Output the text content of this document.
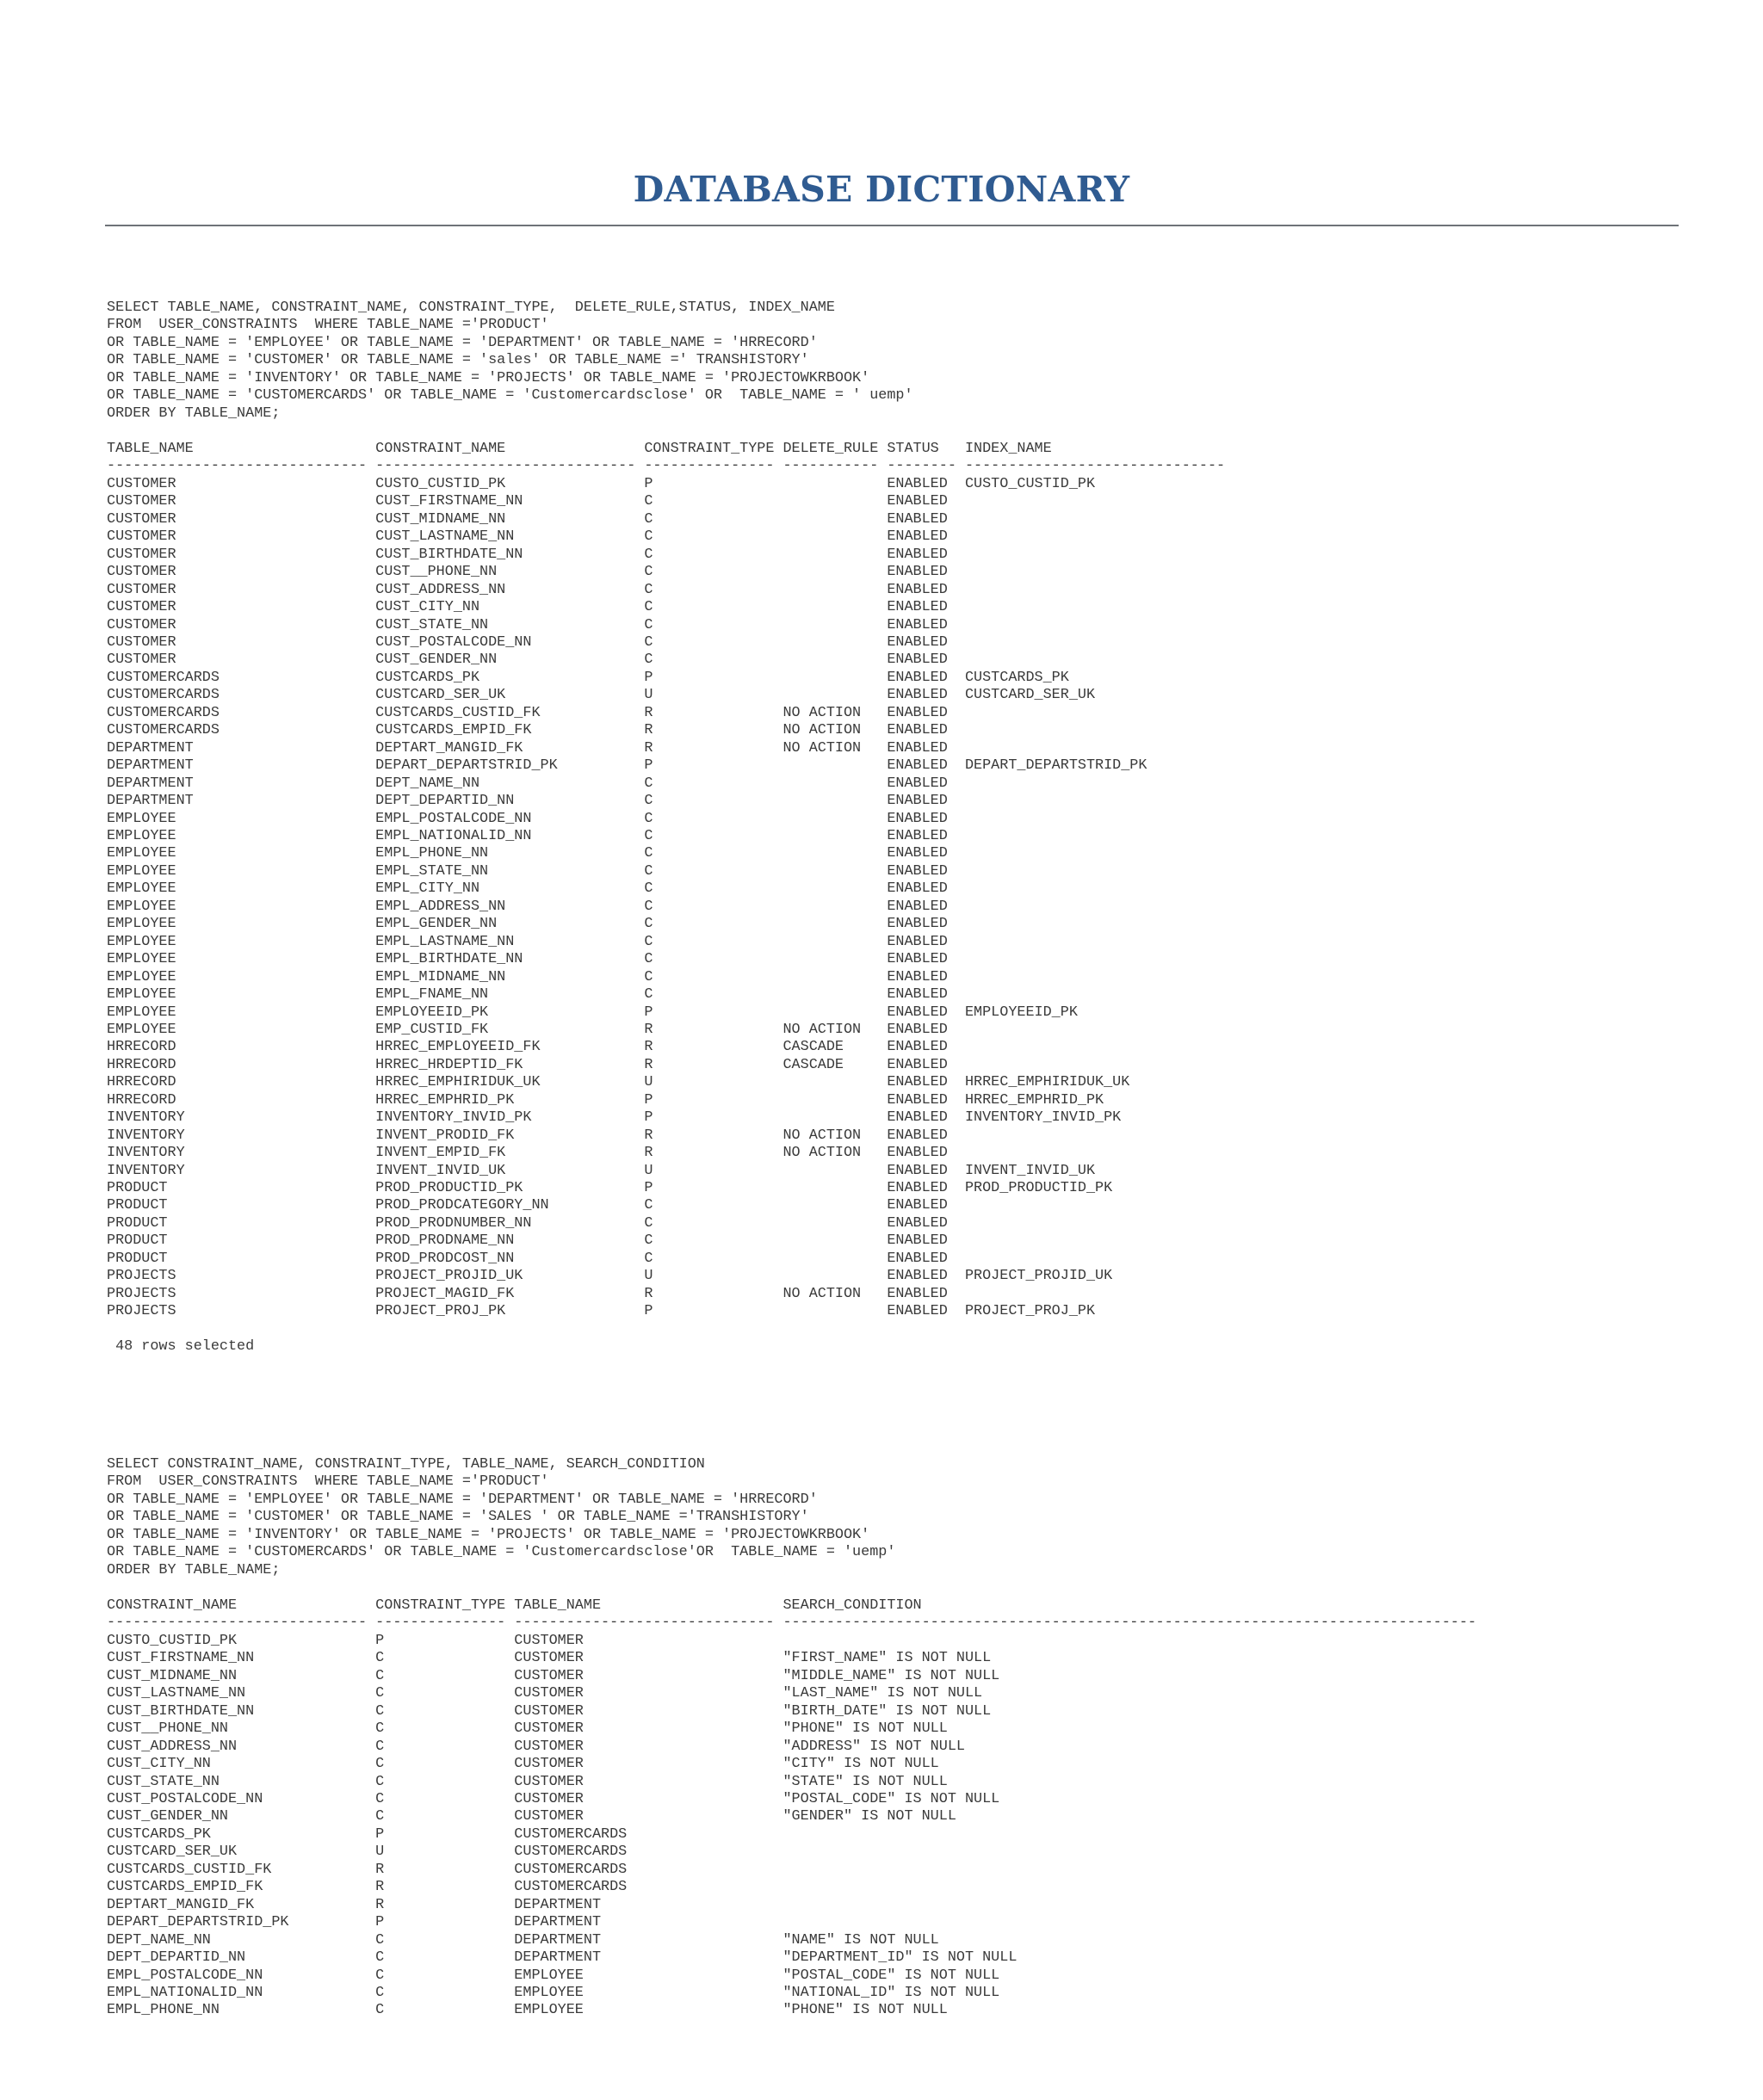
DATABASE DICTIONARY
SELECT TABLE_NAME, CONSTRAINT_NAME, CONSTRAINT_TYPE,  DELETE_RULE,STATUS, INDEX_NAME
FROM  USER_CONSTRAINTS  WHERE TABLE_NAME ='PRODUCT'
OR TABLE_NAME = 'EMPLOYEE' OR TABLE_NAME = 'DEPARTMENT' OR TABLE_NAME = 'HRRECORD'
OR TABLE_NAME = 'CUSTOMER' OR TABLE_NAME = 'sales' OR TABLE_NAME =' TRANSHISTORY'
OR TABLE_NAME = 'INVENTORY' OR TABLE_NAME = 'PROJECTS' OR TABLE_NAME = 'PROJECTOWKRBOOK'
OR TABLE_NAME = 'CUSTOMERCARDS' OR TABLE_NAME = 'Customercardsclose' OR  TABLE_NAME = ' uemp'
ORDER BY TABLE_NAME;
TABLE_NAME                     CONSTRAINT_NAME                CONSTRAINT_TYPE DELETE_RULE STATUS   INDEX_NAME
------------------------------ ------------------------------ --------------- ----------- -------- ------------------------------
CUSTOMER                       CUSTO_CUSTID_PK                P                           ENABLED  CUSTO_CUSTID_PK
CUSTOMER                       CUST_FIRSTNAME_NN              C                           ENABLED
CUSTOMER                       CUST_MIDNAME_NN                C                           ENABLED
CUSTOMER                       CUST_LASTNAME_NN               C                           ENABLED
CUSTOMER                       CUST_BIRTHDATE_NN              C                           ENABLED
CUSTOMER                       CUST__PHONE_NN                 C                           ENABLED
CUSTOMER                       CUST_ADDRESS_NN                C                           ENABLED
CUSTOMER                       CUST_CITY_NN                   C                           ENABLED
CUSTOMER                       CUST_STATE_NN                  C                           ENABLED
CUSTOMER                       CUST_POSTALCODE_NN             C                           ENABLED
CUSTOMER                       CUST_GENDER_NN                 C                           ENABLED
CUSTOMERCARDS                  CUSTCARDS_PK                   P                           ENABLED  CUSTCARDS_PK
CUSTOMERCARDS                  CUSTCARD_SER_UK                U                           ENABLED  CUSTCARD_SER_UK
CUSTOMERCARDS                  CUSTCARDS_CUSTID_FK            R               NO ACTION   ENABLED
CUSTOMERCARDS                  CUSTCARDS_EMPID_FK             R               NO ACTION   ENABLED
DEPARTMENT                     DEPTART_MANGID_FK              R               NO ACTION   ENABLED
DEPARTMENT                     DEPART_DEPARTSTRID_PK          P                           ENABLED  DEPART_DEPARTSTRID_PK
DEPARTMENT                     DEPT_NAME_NN                   C                           ENABLED
DEPARTMENT                     DEPT_DEPARTID_NN               C                           ENABLED
EMPLOYEE                       EMPL_POSTALCODE_NN             C                           ENABLED
EMPLOYEE                       EMPL_NATIONALID_NN             C                           ENABLED
EMPLOYEE                       EMPL_PHONE_NN                  C                           ENABLED
EMPLOYEE                       EMPL_STATE_NN                  C                           ENABLED
EMPLOYEE                       EMPL_CITY_NN                   C                           ENABLED
EMPLOYEE                       EMPL_ADDRESS_NN                C                           ENABLED
EMPLOYEE                       EMPL_GENDER_NN                 C                           ENABLED
EMPLOYEE                       EMPL_LASTNAME_NN               C                           ENABLED
EMPLOYEE                       EMPL_BIRTHDATE_NN              C                           ENABLED
EMPLOYEE                       EMPL_MIDNAME_NN                C                           ENABLED
EMPLOYEE                       EMPL_FNAME_NN                  C                           ENABLED
EMPLOYEE                       EMPLOYEEID_PK                  P                           ENABLED  EMPLOYEEID_PK
EMPLOYEE                       EMP_CUSTID_FK                  R               NO ACTION   ENABLED
HRRECORD                       HRREC_EMPLOYEEID_FK            R               CASCADE     ENABLED
HRRECORD                       HRREC_HRDEPTID_FK              R               CASCADE     ENABLED
HRRECORD                       HRREC_EMPHIRIDUK_UK            U                           ENABLED  HRREC_EMPHIRIDUK_UK
HRRECORD                       HRREC_EMPHRID_PK               P                           ENABLED  HRREC_EMPHRID_PK
INVENTORY                      INVENTORY_INVID_PK             P                           ENABLED  INVENTORY_INVID_PK
INVENTORY                      INVENT_PRODID_FK               R               NO ACTION   ENABLED
INVENTORY                      INVENT_EMPID_FK                R               NO ACTION   ENABLED
INVENTORY                      INVENT_INVID_UK                U                           ENABLED  INVENT_INVID_UK
PRODUCT                        PROD_PRODUCTID_PK              P                           ENABLED  PROD_PRODUCTID_PK
PRODUCT                        PROD_PRODCATEGORY_NN           C                           ENABLED
PRODUCT                        PROD_PRODNUMBER_NN             C                           ENABLED
PRODUCT                        PROD_PRODNAME_NN               C                           ENABLED
PRODUCT                        PROD_PRODCOST_NN               C                           ENABLED
PROJECTS                       PROJECT_PROJID_UK              U                           ENABLED  PROJECT_PROJID_UK
PROJECTS                       PROJECT_MAGID_FK               R               NO ACTION   ENABLED
PROJECTS                       PROJECT_PROJ_PK                P                           ENABLED  PROJECT_PROJ_PK
48 rows selected
SELECT CONSTRAINT_NAME, CONSTRAINT_TYPE, TABLE_NAME, SEARCH_CONDITION
FROM  USER_CONSTRAINTS  WHERE TABLE_NAME ='PRODUCT'
OR TABLE_NAME = 'EMPLOYEE' OR TABLE_NAME = 'DEPARTMENT' OR TABLE_NAME = 'HRRECORD'
OR TABLE_NAME = 'CUSTOMER' OR TABLE_NAME = 'SALES ' OR TABLE_NAME ='TRANSHISTORY'
OR TABLE_NAME = 'INVENTORY' OR TABLE_NAME = 'PROJECTS' OR TABLE_NAME = 'PROJECTOWKRBOOK'
OR TABLE_NAME = 'CUSTOMERCARDS' OR TABLE_NAME = 'Customercardsclose'OR  TABLE_NAME = 'uemp'
ORDER BY TABLE_NAME;
CONSTRAINT_NAME                CONSTRAINT_TYPE TABLE_NAME                     SEARCH_CONDITION
------------------------------ --------------- ------------------------------ --------------------------------------------------------------------------------
CUSTO_CUSTID_PK                P               CUSTOMER
CUST_FIRSTNAME_NN              C               CUSTOMER                       "FIRST_NAME" IS NOT NULL
CUST_MIDNAME_NN                C               CUSTOMER                       "MIDDLE_NAME" IS NOT NULL
CUST_LASTNAME_NN               C               CUSTOMER                       "LAST_NAME" IS NOT NULL
CUST_BIRTHDATE_NN              C               CUSTOMER                       "BIRTH_DATE" IS NOT NULL
CUST__PHONE_NN                 C               CUSTOMER                       "PHONE" IS NOT NULL
CUST_ADDRESS_NN                C               CUSTOMER                       "ADDRESS" IS NOT NULL
CUST_CITY_NN                   C               CUSTOMER                       "CITY" IS NOT NULL
CUST_STATE_NN                  C               CUSTOMER                       "STATE" IS NOT NULL
CUST_POSTALCODE_NN             C               CUSTOMER                       "POSTAL_CODE" IS NOT NULL
CUST_GENDER_NN                 C               CUSTOMER                       "GENDER" IS NOT NULL
CUSTCARDS_PK                   P               CUSTOMERCARDS
CUSTCARD_SER_UK                U               CUSTOMERCARDS
CUSTCARDS_CUSTID_FK            R               CUSTOMERCARDS
CUSTCARDS_EMPID_FK             R               CUSTOMERCARDS
DEPTART_MANGID_FK              R               DEPARTMENT
DEPART_DEPARTSTRID_PK          P               DEPARTMENT
DEPT_NAME_NN                   C               DEPARTMENT                     "NAME" IS NOT NULL
DEPT_DEPARTID_NN               C               DEPARTMENT                     "DEPARTMENT_ID" IS NOT NULL
EMPL_POSTALCODE_NN             C               EMPLOYEE                       "POSTAL_CODE" IS NOT NULL
EMPL_NATIONALID_NN             C               EMPLOYEE                       "NATIONAL_ID" IS NOT NULL
EMPL_PHONE_NN                  C               EMPLOYEE                       "PHONE" IS NOT NULL
